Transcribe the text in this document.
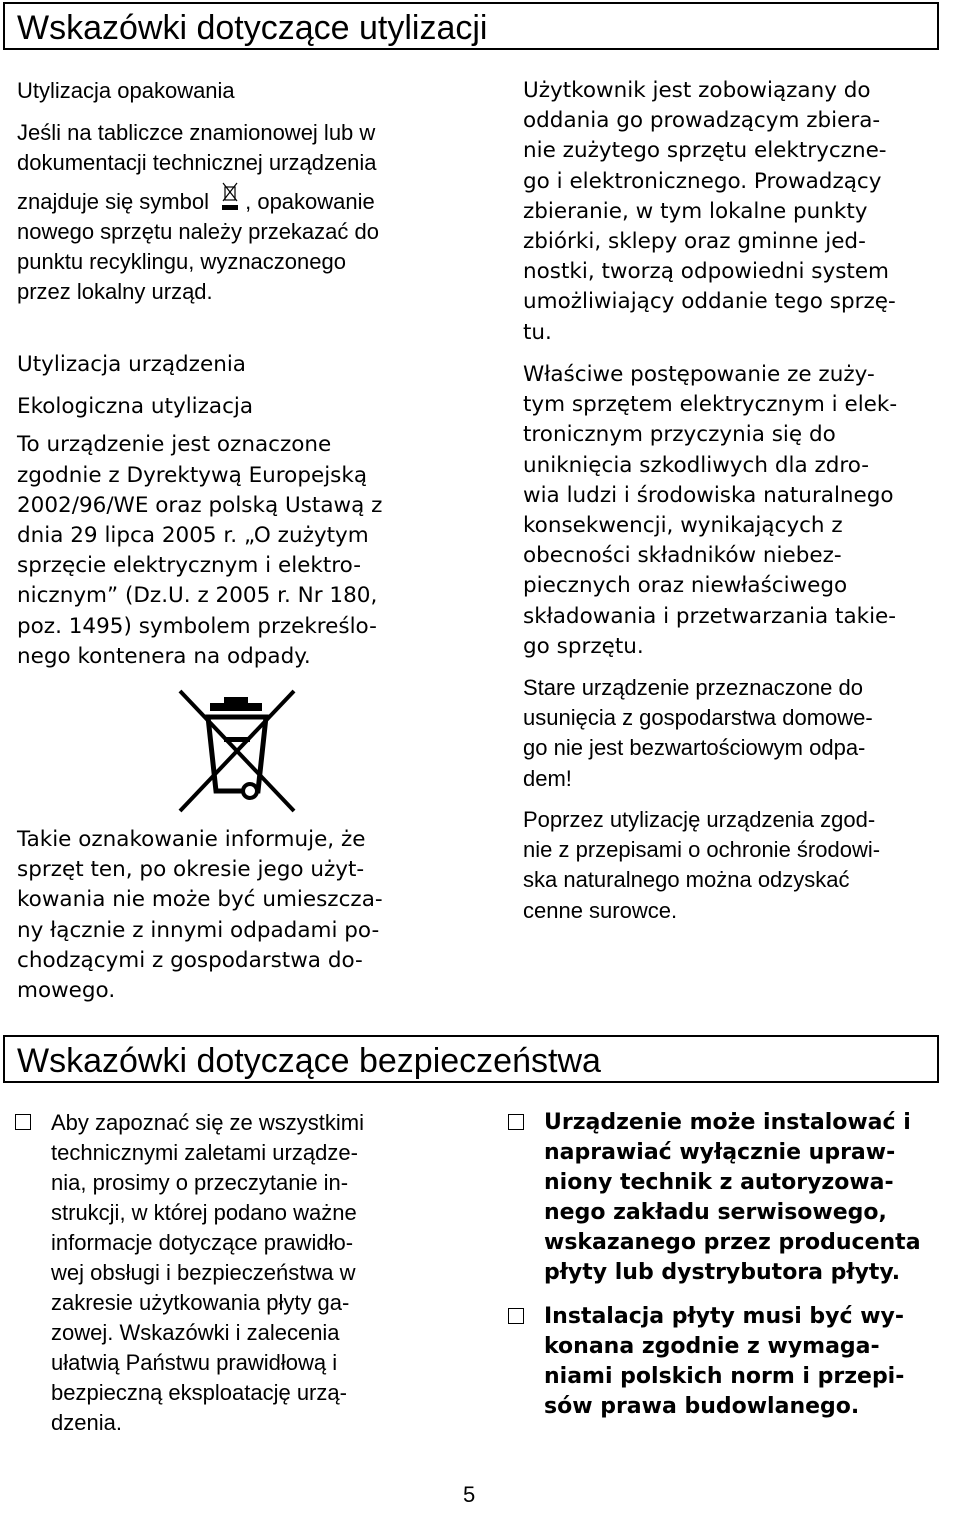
Wskazówki dotyczące utylizacji

Utylizacja opakowania

Jeśli na tabliczce znamionowej lub w

dokumentacji technicznej urządzenia

znajduje się symbol , opakowanie

nowego sprzętu należy przekazać do

punktu recyklingu, wyznaczonego

przez lokalny urząd.

Utylizacja urządzenia

Ekologiczna utylizacja

To urządzenie jest oznaczone

zgodnie z Dyrektywą Europejską

2002/96/WE oraz polską Ustawą z

dnia 29 lipca 2005 r. „O zużytym

sprzęcie elektrycznym i elektro-

nicznym” (Dz.U. z 2005 r. Nr 180,

poz. 1495) symbolem przekreślo-

nego kontenera na odpady.

Takie oznakowanie informuje, że

sprzęt ten, po okresie jego użyt-

kowania nie może być umieszcza-

ny łącznie z innymi odpadami po-

chodzącymi z gospodarstwa do-

mowego.

Użytkownik jest zobowiązany do

oddania go prowadzącym zbiera-

nie zużytego sprzętu elektryczne-

go i elektronicznego. Prowadzący

zbieranie, w tym lokalne punkty

zbiórki, sklepy oraz gminne jed-

nostki, tworzą odpowiedni system

umożliwiający oddanie tego sprzę-

tu.

Właściwe postępowanie ze zuży-

tym sprzętem elektrycznym i elek-

tronicznym przyczynia się do

uniknięcia szkodliwych dla zdro-

wia ludzi i środowiska naturalnego

konsekwencji, wynikających z

obecności składników niebez-

piecznych oraz niewłaściwego

składowania i przetwarzania takie-

go sprzętu.

Stare urządzenie przeznaczone do

usunięcia z gospodarstwa domowe-

go nie jest bezwartościowym odpa-

dem!

Poprzez utylizację urządzenia zgod-

nie z przepisami o ochronie środowi-

ska naturalnego można odzyskać

cenne surowce.

Wskazówki dotyczące bezpieczeństwa

Aby zapoznać się ze wszystkimi

technicznymi zaletami urządze-

nia, prosimy o przeczytanie in-

strukcji, w której podano ważne

informacje dotyczące prawidło-

wej obsługi i bezpieczeństwa w

zakresie użytkowania płyty ga-

zowej. Wskazówki i zalecenia

ułatwią Państwu prawidłową i

bezpieczną eksploatację urzą-

dzenia.

Urządzenie może instalować i

naprawiać wyłącznie upraw-

niony technik z autoryzowa-

nego zakładu serwisowego,

wskazanego przez producenta

płyty lub dystrybutora płyty.

Instalacja płyty musi być wy-

konana zgodnie z wymaga-

niami polskich norm i przepi-

sów prawa budowlanego.

5
